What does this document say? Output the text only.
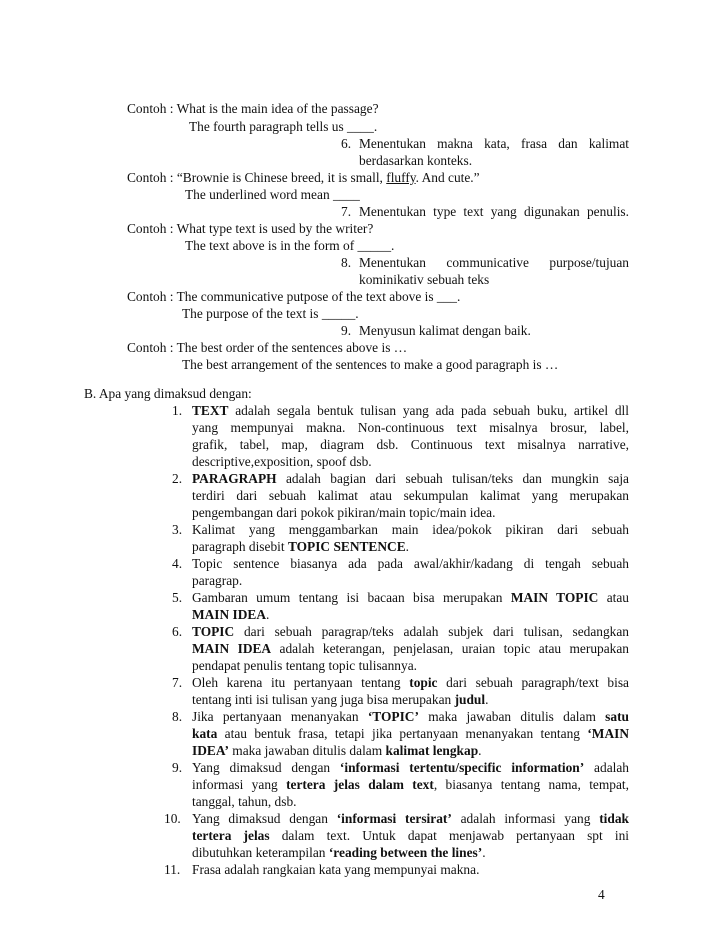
Contoh : What is the main idea of the passage?
The fourth paragraph tells us ____.
6. Menentukan makna kata, frasa dan kalimat
berdasarkan konteks.
Contoh : “Brownie is Chinese breed, it is small, fluffy. And cute.”
The underlined word mean ____
7. Menentukan type text yang digunakan penulis.
Contoh : What type text is used by the writer?
The text above is in the form of _____.
8. Menentukan communicative purpose/tujuan
kominikativ sebuah teks
Contoh : The communicative putpose of the text above is ___.
The purpose of the text is _____.
9. Menyusun kalimat dengan baik.
Contoh : The best order of the sentences above is …
The best arrangement of the sentences to make a good paragraph is …
B. Apa yang dimaksud dengan:
1. TEXT adalah segala bentuk tulisan yang ada pada sebuah buku, artikel dll
yang mempunyai makna. Non-continuous text misalnya brosur, label,
grafik, tabel, map, diagram dsb. Continuous text misalnya narrative,
descriptive,exposition, spoof dsb.
2. PARAGRAPH adalah bagian dari sebuah tulisan/teks dan mungkin saja
terdiri dari sebuah kalimat atau sekumpulan kalimat yang merupakan
pengembangan dari pokok pikiran/main topic/main idea.
3. Kalimat yang menggambarkan main idea/pokok pikiran dari sebuah
paragraph disebit TOPIC SENTENCE.
4. Topic sentence biasanya ada pada awal/akhir/kadang di tengah sebuah
paragrap.
5. Gambaran umum tentang isi bacaan bisa merupakan MAIN TOPIC atau
MAIN IDEA.
6. TOPIC dari sebuah paragrap/teks adalah subjek dari tulisan, sedangkan
MAIN IDEA adalah keterangan, penjelasan, uraian topic atau merupakan
pendapat penulis tentang topic tulisannya.
7. Oleh karena itu pertanyaan tentang topic dari sebuah paragraph/text bisa
tentang inti isi tulisan yang juga bisa merupakan judul.
8. Jika pertanyaan menanyakan ‘TOPIC’ maka jawaban ditulis dalam satu
kata atau bentuk frasa, tetapi jika pertanyaan menanyakan tentang ‘MAIN
IDEA’ maka jawaban ditulis dalam kalimat lengkap.
9. Yang dimaksud dengan ‘informasi tertentu/specific information’ adalah
informasi yang tertera jelas dalam text, biasanya tentang nama, tempat,
tanggal, tahun, dsb.
10. Yang dimaksud dengan ‘informasi tersirat’ adalah informasi yang tidak
tertera jelas dalam text. Untuk dapat menjawab pertanyaan spt ini
dibutuhkan keterampilan ‘reading between the lines’.
11. Frasa adalah rangkaian kata yang mempunyai makna.
4
